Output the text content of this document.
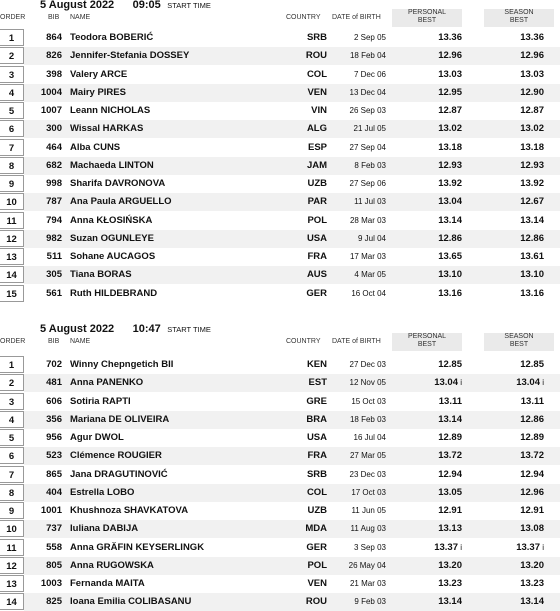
5 August 2022 09:05 START TIME
ORDER	BIB NAME	COUNTRY DATE of BIRTH
PERSONAL
BEST
SEASON
BEST
1	864 Teodora BOBERIĆ	SRB	2 Sep 05	13.36	13.36
2	826 Jennifer-Stefania DOSSEY	ROU	18 Feb 04	12.96	12.96
3	398 Valery ARCE	COL	7 Dec 06	13.03	13.03
4	1004 Mairy PIRES	VEN	13 Dec 04	12.95	12.90
5	1007 Leann NICHOLAS	VIN	26 Sep 03	12.87	12.87
6	300 Wissal HARKAS	ALG	21 Jul 05	13.02	13.02
7	464 Alba CUNS	ESP	27 Sep 04	13.18	13.18
8	682 Machaeda LINTON	JAM	8 Feb 03	12.93	12.93
9	998 Sharifa DAVRONOVA	UZB	27 Sep 06	13.92	13.92
10	787 Ana Paula ARGUELLO	PAR	11 Jul 03	13.04	12.67
11	794 Anna KŁOSIŃSKA	POL	28 Mar 03	13.14	13.14
12	982 Suzan OGUNLEYE	USA	9 Jul 04	12.86	12.86
13	511 Sohane AUCAGOS	FRA	17 Mar 03	13.65	13.61
14	305 Tiana BORAS	AUS	4 Mar 05	13.10	13.10
15	561 Ruth HILDEBRAND	GER	16 Oct 04	13.16	13.16
5 August 2022 10:47 START TIME
ORDER	BIB NAME	COUNTRY DATE of BIRTH
PERSONAL
BEST
SEASON
BEST
1	702 Winny Chepngetich BII	KEN	27 Dec 03	12.85	12.85
2	481 Anna PANENKO	EST	12 Nov 05	13.04 i	13.04 i
3	606 Sotiria RAPTI	GRE	15 Oct 03	13.11	13.11
4	356 Mariana DE OLIVEIRA	BRA	18 Feb 03	13.14	12.86
5	956 Agur DWOL	USA	16 Jul 04	12.89	12.89
6	523 Clémence ROUGIER	FRA	27 Mar 05	13.72	13.72
7	865 Jana DRAGUTINOVIĆ	SRB	23 Dec 03	12.94	12.94
8	404 Estrella LOBO	COL	17 Oct 03	13.05	12.96
9	1001 Khushnoza SHAVKATOVA	UZB	11 Jun 05	12.91	12.91
10	737 Iuliana DABIJA	MDA	11 Aug 03	13.13	13.08
11	558 Anna GRÄFIN KEYSERLINGK	GER	3 Sep 03	13.37 i	13.37 i
12	805 Anna RUGOWSKA	POL	26 May 04	13.20	13.20
13	1003 Fernanda MAITA	VEN	21 Mar 03	13.23	13.23
14	825 Ioana Emilia COLIBASANU	ROU	9 Feb 03	13.14	13.14
